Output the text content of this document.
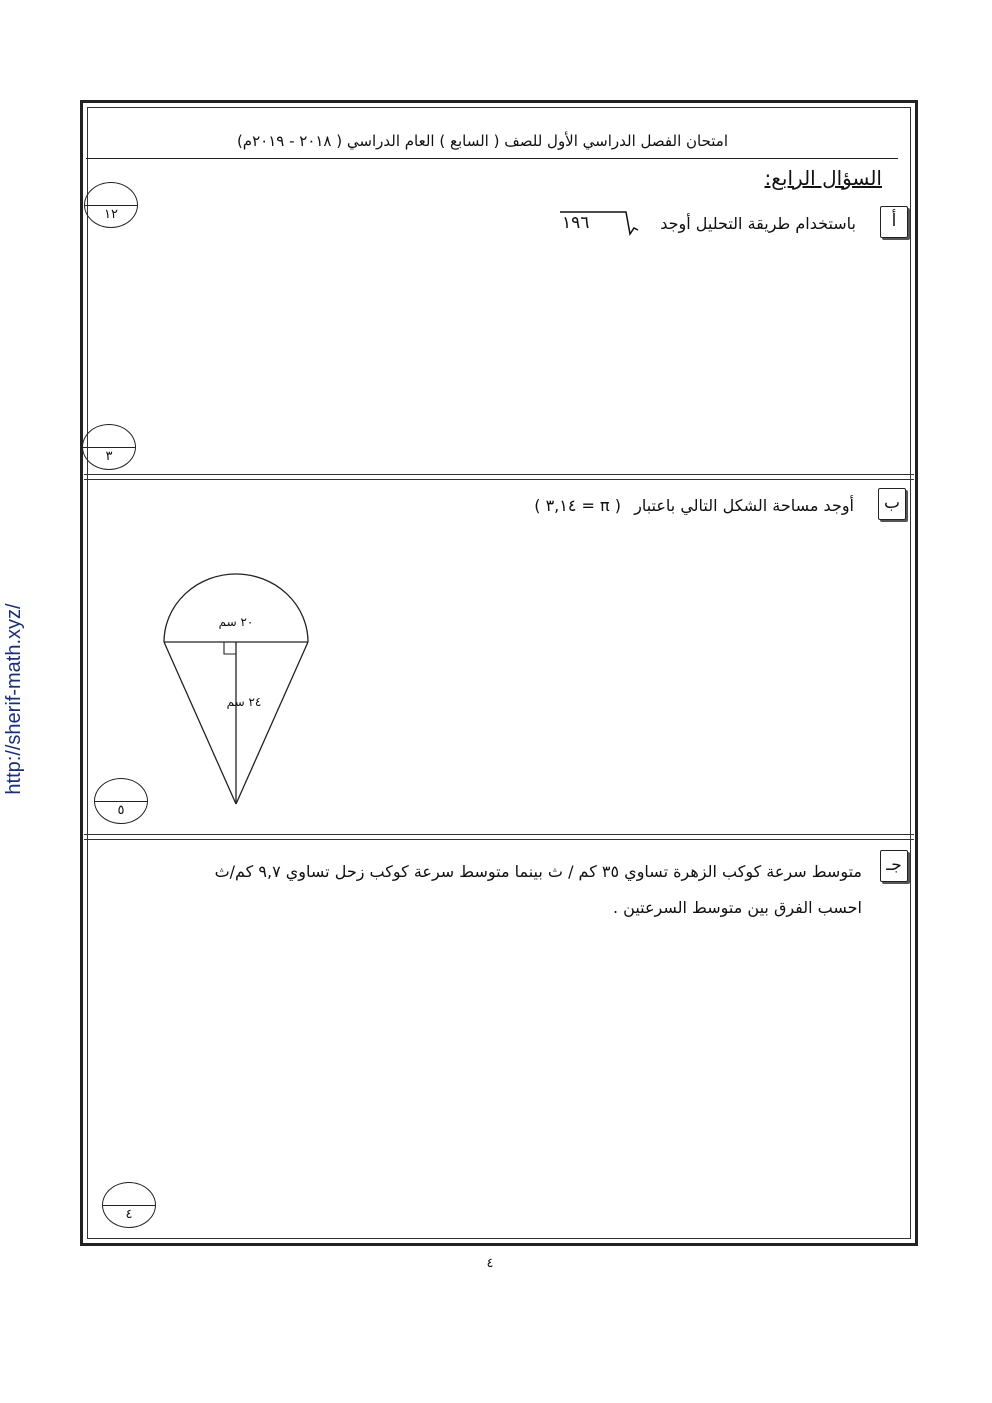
http://sherif-math.xyz/
امتحان الفصل الدراسي الأول للصف ( السابع ) العام الدراسي ( ٢٠١٨ - ٢٠١٩م)
السؤال الرابع:
١٢	أ
باستخدام طريقة التحليل أوجد
١٩٦
٣
ب
أوجد مساحة الشكل التالي باعتبار ( π = ٣,١٤ )
٢٠ سم
٢٤ سم
٥
جـ
متوسط سرعة كوكب الزهرة تساوي ٣٥ كم / ث بينما متوسط سرعة كوكب زحل تساوي ٩,٧ كم/ث
احسب الفرق بين متوسط السرعتين .
٤
٤
